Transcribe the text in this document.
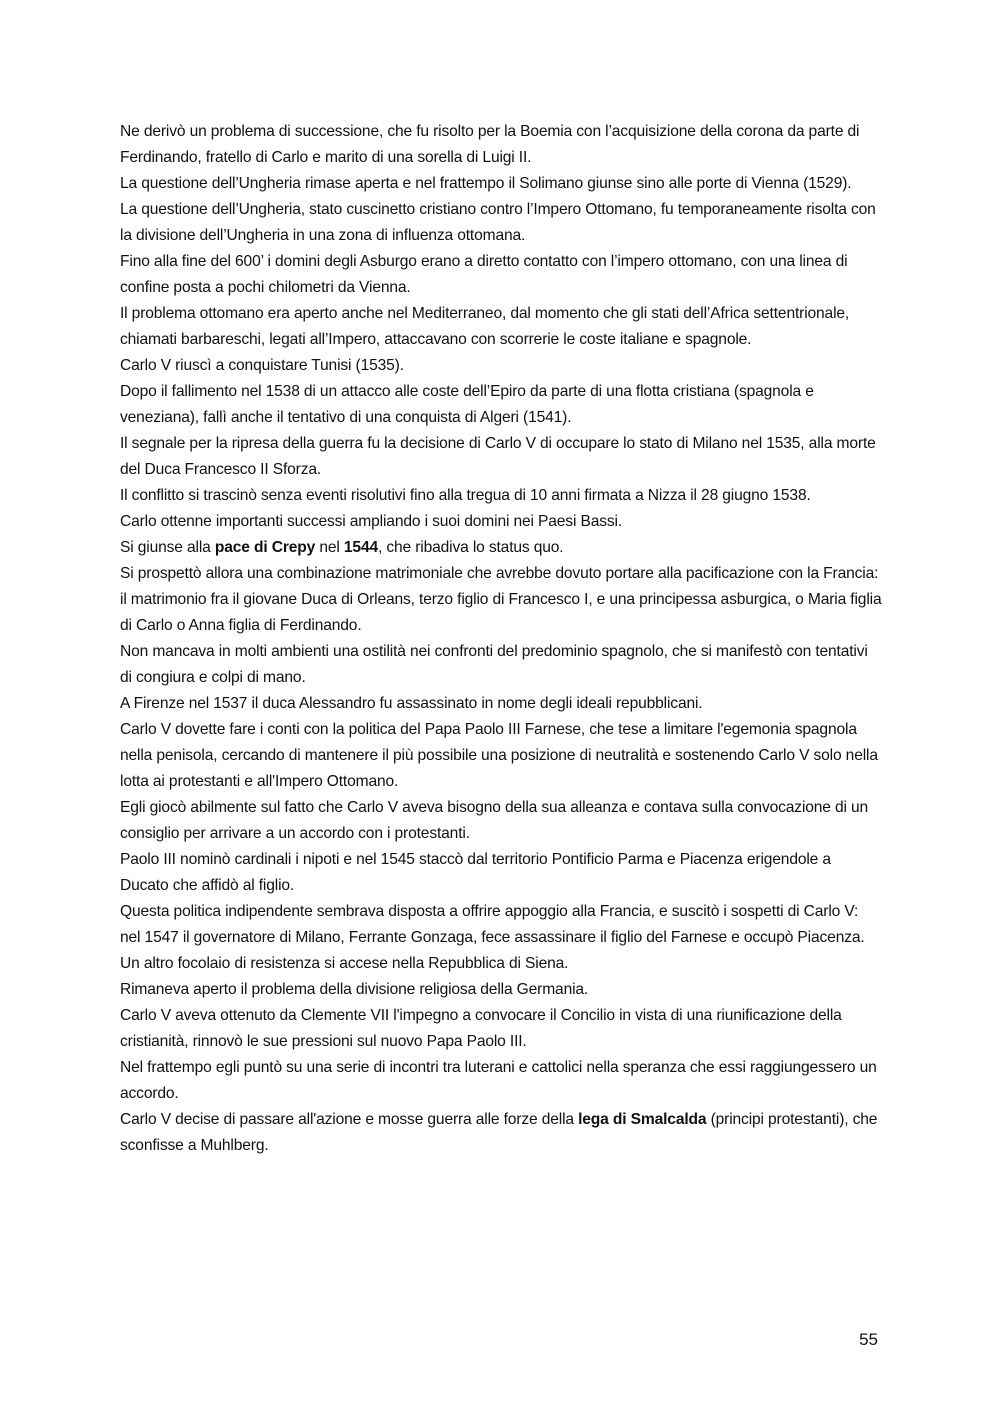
Ne derivò un problema di successione, che fu risolto per la Boemia con l’acquisizione della corona da parte di Ferdinando, fratello di Carlo e marito di una sorella di Luigi II.

La questione dell’Ungheria rimase aperta e nel frattempo il Solimano giunse sino alle porte di Vienna (1529).

La questione dell’Ungheria, stato cuscinetto cristiano contro l’Impero Ottomano, fu temporaneamente risolta con la divisione dell’Ungheria in una zona di influenza ottomana.

Fino alla fine del 600’ i domini degli Asburgo erano a diretto contatto con l’impero ottomano, con una linea di confine posta a pochi chilometri da Vienna.

Il problema ottomano era aperto anche nel Mediterraneo, dal momento che gli stati dell’Africa settentrionale, chiamati barbareschi, legati all’Impero, attaccavano con scorrerie le coste italiane e spagnole.

Carlo V riuscì a conquistare Tunisi (1535).

Dopo il fallimento nel 1538 di un attacco alle coste dell’Epiro da parte di una flotta cristiana (spagnola e veneziana), fallì anche il tentativo di una conquista di Algeri (1541).

Il segnale per la ripresa della guerra fu la decisione di Carlo V di occupare lo stato di Milano nel 1535, alla morte del Duca Francesco II Sforza.

Il conflitto si trascinò senza eventi risolutivi fino alla tregua di 10 anni firmata a Nizza il 28 giugno 1538.

Carlo ottenne importanti successi ampliando i suoi domini nei Paesi Bassi.

Si giunse alla pace di Crepy nel 1544, che ribadiva lo status quo.

Si prospettò allora una combinazione matrimoniale che avrebbe dovuto portare alla pacificazione con la Francia: il matrimonio fra il giovane Duca di Orleans, terzo figlio di Francesco I, e una principessa asburgica, o Maria figlia di Carlo o Anna figlia di Ferdinando.

Non mancava in molti ambienti una ostilità nei confronti del predominio spagnolo, che si manifestò con tentativi di congiura e colpi di mano.

A Firenze nel 1537 il duca Alessandro fu assassinato in nome degli ideali repubblicani.

Carlo V dovette fare i conti con la politica del Papa Paolo III Farnese, che tese a limitare l'egemonia spagnola nella penisola, cercando di mantenere il più possibile una posizione di neutralità e sostenendo Carlo V solo nella lotta ai protestanti e all'Impero Ottomano.

Egli giocò abilmente sul fatto che Carlo V aveva bisogno della sua alleanza e contava sulla convocazione di un consiglio per arrivare a un accordo con i protestanti.

Paolo III nominò cardinali i nipoti e nel 1545 staccò dal territorio Pontificio Parma e Piacenza erigendole a Ducato che affidò al figlio.

Questa politica indipendente sembrava disposta a offrire appoggio alla Francia, e suscitò i sospetti di Carlo V: nel 1547 il governatore di Milano, Ferrante Gonzaga, fece assassinare il figlio del Farnese e occupò Piacenza.

Un altro focolaio di resistenza si accese nella Repubblica di Siena.

Rimaneva aperto il problema della divisione religiosa della Germania.

Carlo V aveva ottenuto da Clemente VII l'impegno a convocare il Concilio in vista di una riunificazione della cristianità, rinnovò le sue pressioni sul nuovo Papa Paolo III.

Nel frattempo egli puntò su una serie di incontri tra luterani e cattolici nella speranza che essi raggiungessero un accordo.

Carlo V decise di passare all'azione e mosse guerra alle forze della lega di Smalcalda (principi protestanti), che sconfisse a Muhlberg.

55
